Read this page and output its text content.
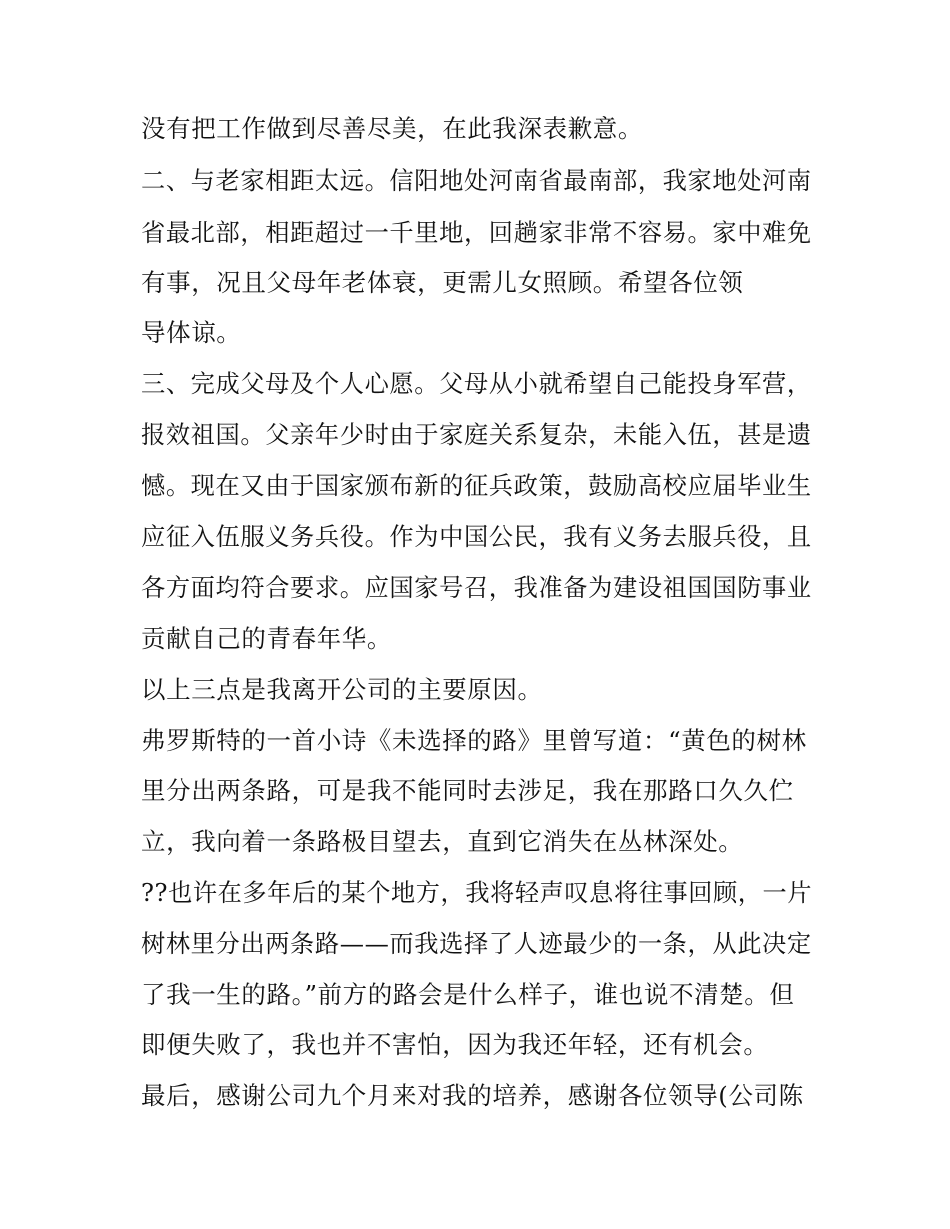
没有把工作做到尽善尽美，在此我深表歉意。
二、与老家相距太远。信阳地处河南省最南部，我家地处河南
省最北部，相距超过一千里地，回趟家非常不容易。家中难免
有事，况且父母年老体衰，更需儿女照顾。希望各位领
导体谅。
三、完成父母及个人心愿。父母从小就希望自己能投身军营，
报效祖国。父亲年少时由于家庭关系复杂，未能入伍，甚是遗
憾。现在又由于国家颁布新的征兵政策，鼓励高校应届毕业生
应征入伍服义务兵役。作为中国公民，我有义务去服兵役，且
各方面均符合要求。应国家号召，我准备为建设祖国国防事业
贡献自己的青春年华。
以上三点是我离开公司的主要原因。
弗罗斯特的一首小诗《未选择的路》里曾写道：“黄色的树林
里分出两条路，可是我不能同时去涉足，我在那路口久久伫
立，我向着一条路极目望去，直到它消失在丛林深处。
??也许在多年后的某个地方，我将轻声叹息将往事回顾，一片
树林里分出两条路——而我选择了人迹最少的一条，从此决定
了我一生的路。”前方的路会是什么样子，谁也说不清楚。但
即便失败了，我也并不害怕，因为我还年轻，还有机会。
最后，感谢公司九个月来对我的培养，感谢各位领导(公司陈
